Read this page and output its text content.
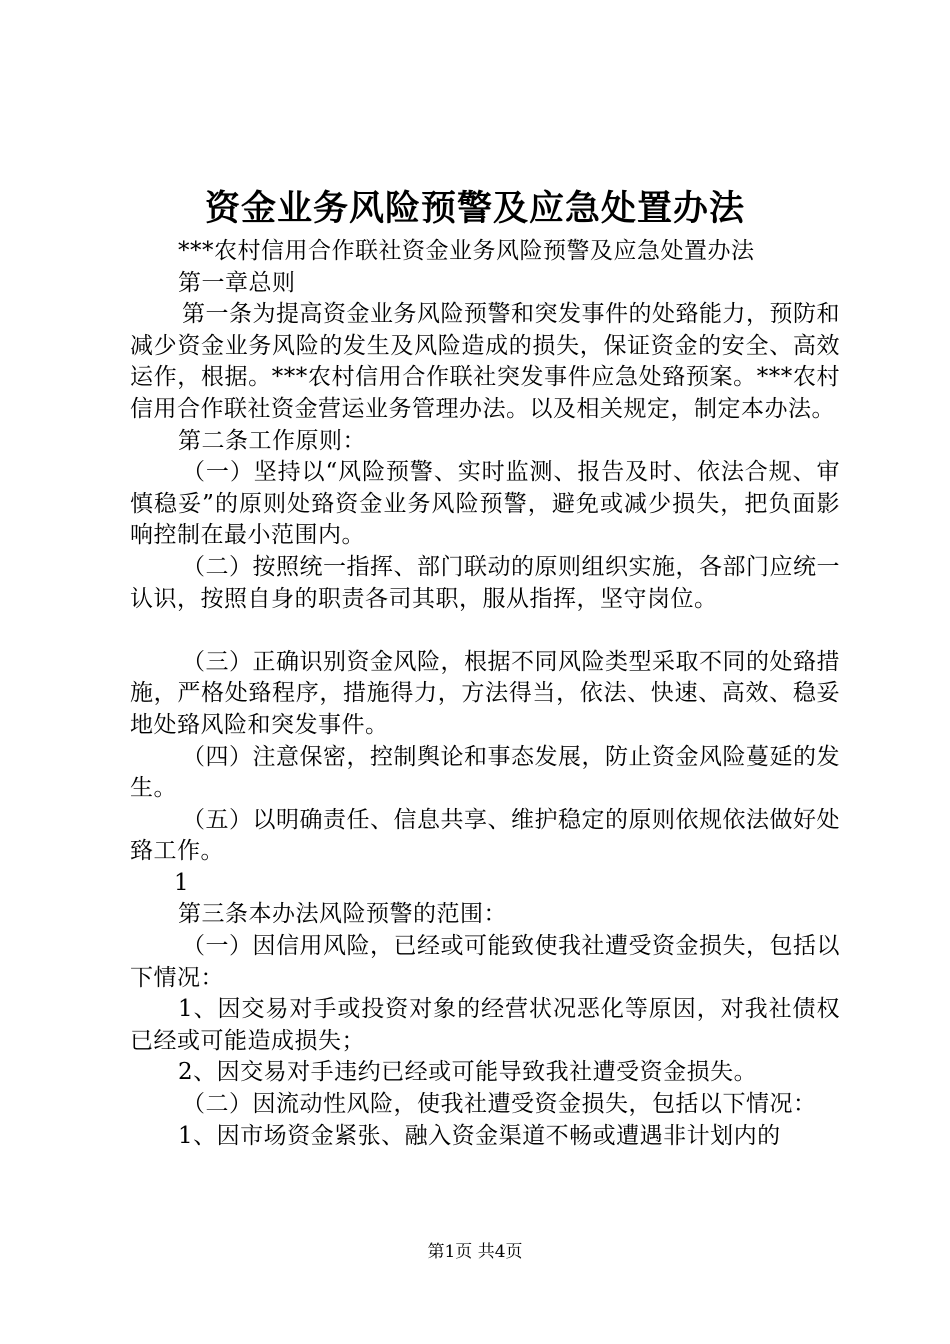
资金业务风险预警及应急处置办法

***农村信用合作联社资金业务风险预警及应急处置办法

第一章总则

第一条为提高资金业务风险预警和突发事件的处臵能力，预防和减少资金业务风险的发生及风险造成的损失，保证资金的安全、高效运作，根据。***农村信用合作联社突发事件应急处臵预案。***农村信用合作联社资金营运业务管理办法。以及相关规定，制定本办法。

第二条工作原则：

（一）坚持以“风险预警、实时监测、报告及时、依法合规、审慎稳妥”的原则处臵资金业务风险预警，避免或减少损失，把负面影响控制在最小范围内。

（二）按照统一指挥、部门联动的原则组织实施，各部门应统一认识，按照自身的职责各司其职，服从指挥，坚守岗位。

（三）正确识别资金风险，根据不同风险类型采取不同的处臵措施，严格处臵程序，措施得力，方法得当，依法、快速、高效、稳妥地处臵风险和突发事件。

（四）注意保密，控制舆论和事态发展，防止资金风险蔓延的发生。

（五）以明确责任、信息共享、维护稳定的原则依规依法做好处臵工作。

1

第三条本办法风险预警的范围：

（一）因信用风险，已经或可能致使我社遭受资金损失，包括以下情况：

1、因交易对手或投资对象的经营状况恶化等原因，对我社债权已经或可能造成损失；

2、因交易对手违约已经或可能导致我社遭受资金损失。

（二）因流动性风险，使我社遭受资金损失，包括以下情况：

1、因市场资金紧张、融入资金渠道不畅或遭遇非计划内的

第1页 共4页
